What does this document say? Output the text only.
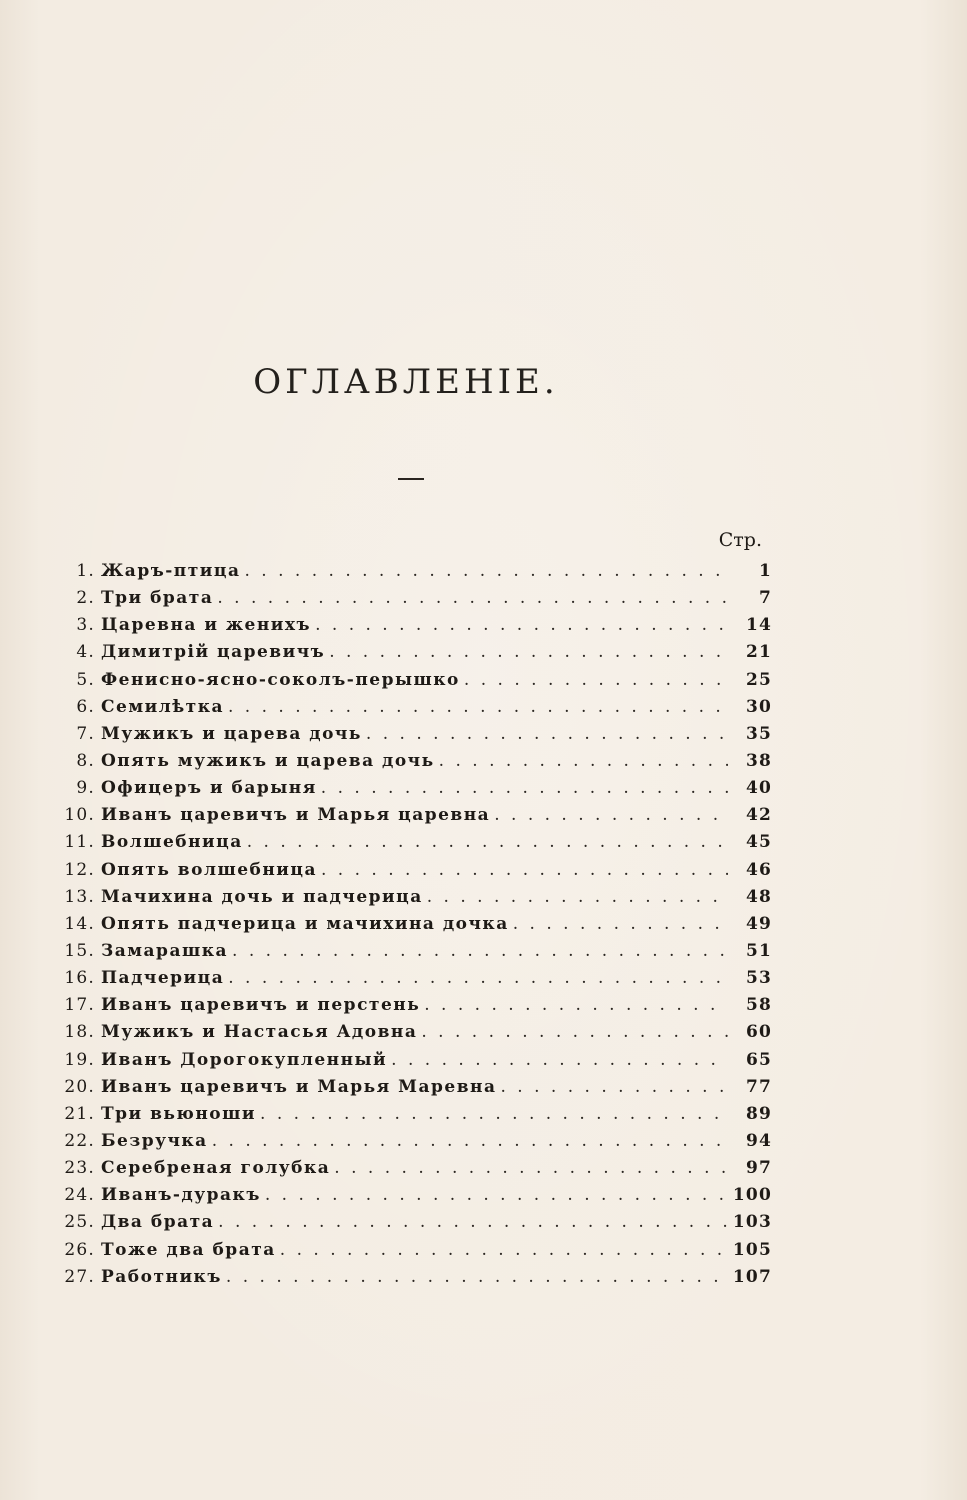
ОГЛАВЛЕНІЕ.
Стр.
1. Жаръ-птица . . .	1
2. Три брата . . .	7
3. Царевна и женихъ . . .	14
4. Димитрій царевичъ . . .	21
5. Фенисно-ясно-соколъ-перышко . . .	25
6. Семилѣтка . . .	30
7. Мужикъ и царева дочь . . .	35
8. Опять мужикъ и царева дочь . . .	38
9. Офицеръ и барыня . . .	40
10. Иванъ царевичъ и Марья царевна . . .	42
11. Волшебница . . .	45
12. Опять волшебница . . .	46
13. Мачихина дочь и падчерица . . .	48
14. Опять падчерица и мачихина дочка . . .	49
15. Замарашка . . .	51
16. Падчерица . . .	53
17. Иванъ царевичъ и перстень . . .	58
18. Мужикъ и Настасья Адовна . . .	60
19. Иванъ Дорогокупленный . . .	65
20. Иванъ царевичъ и Марья Маревна . . .	77
21. Три вьюноши . . .	89
22. Безручка . . .	94
23. Серебреная голубка . . .	97
24. Иванъ-дуракъ . . .	100
25. Два брата . . .	103
26. Тоже два брата . . .	105
27. Работникъ . . .	107
